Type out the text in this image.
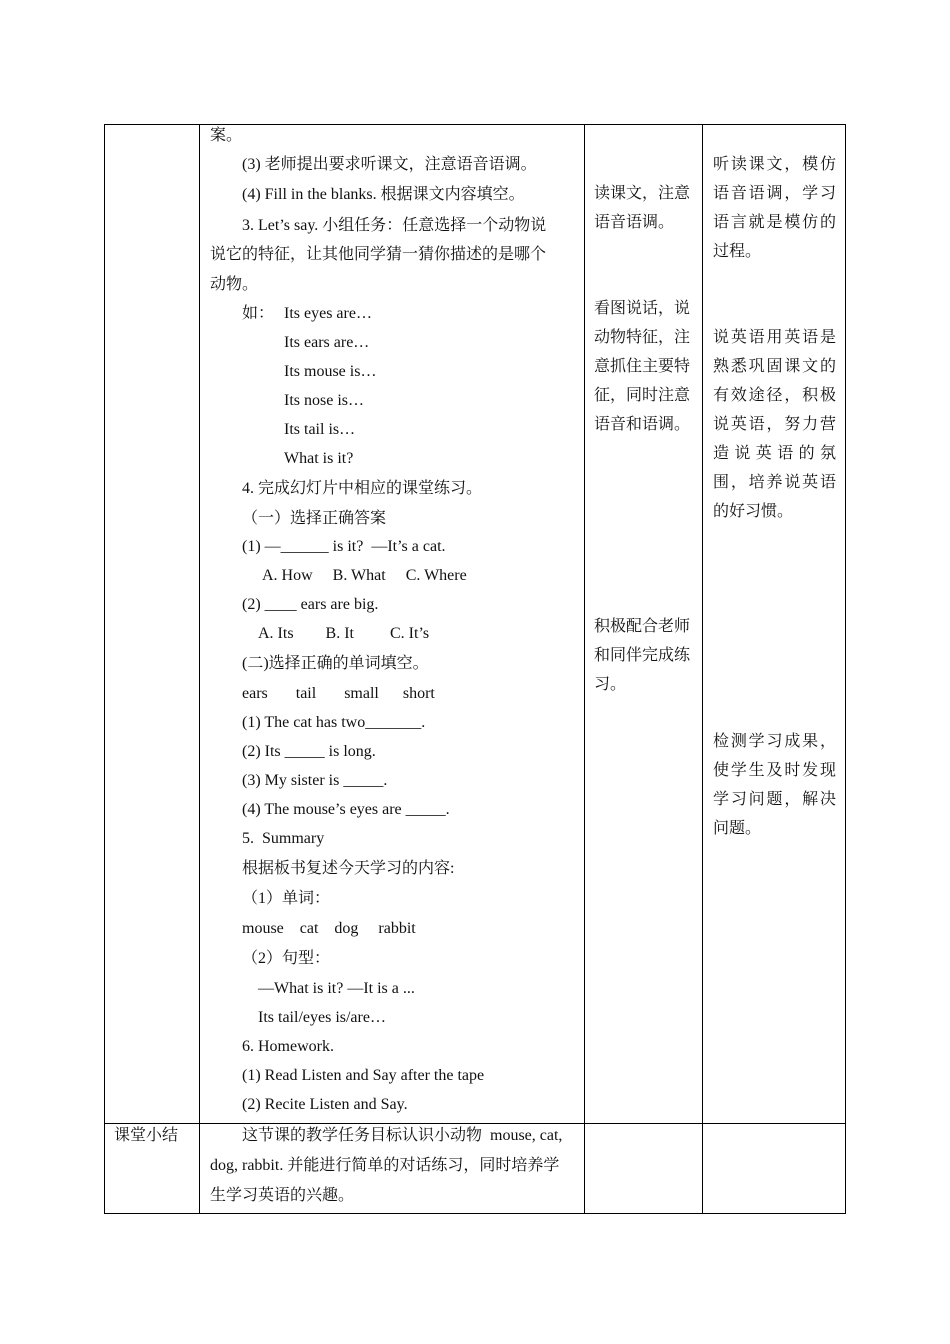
案。
(3) 老师提出要求听课文，注意语音语调。
(4) Fill in the blanks. 根据课文内容填空。
3. Let’s say. 小组任务：任意选择一个动物说
说它的特征，让其他同学猜一猜你描述的是哪个
动物。
如： Its eyes are…
Its ears are…
Its mouse is…
Its nose is…
Its tail is…
What is it?
4. 完成幻灯片中相应的课堂练习。
（一）选择正确答案
(1) —______ is it?  —It’s a cat.
A. How     B. What     C. Where
(2) ____ ears are big.
A. Its        B. It         C. It’s
(二)选择正确的单词填空。
ears       tail       small      short
(1) The cat has two_______.
(2) Its _____ is long.
(3) My sister is _____.
(4) The mouse’s eyes are _____.
5.  Summary
根据板书复述今天学习的内容:
（1）单词：
mouse    cat    dog     rabbit
（2）句型：
—What is it? —It is a ...
Its tail/eyes is/are…
6. Homework.
(1) Read Listen and Say after the tape
(2) Recite Listen and Say.
读课文，注意
语音语调。
看图说话，说
动物特征，注
意抓住主要特
征，同时注意
语音和语调。
积极配合老师
和同伴完成练
习。
听读课文，模仿
语音语调，学习
语言就是模仿的
过程。
说英语用英语是
熟悉巩固课文的
有效途径，积极
说英语，努力营
造说英语的氛
围，培养说英语
的好习惯。
检测学习成果，
使学生及时发现
学习问题，解决
问题。
课堂小结	这节课的教学任务目标认识小动物  mouse, cat,
dog, rabbit. 并能进行简单的对话练习，同时培养学
生学习英语的兴趣。
